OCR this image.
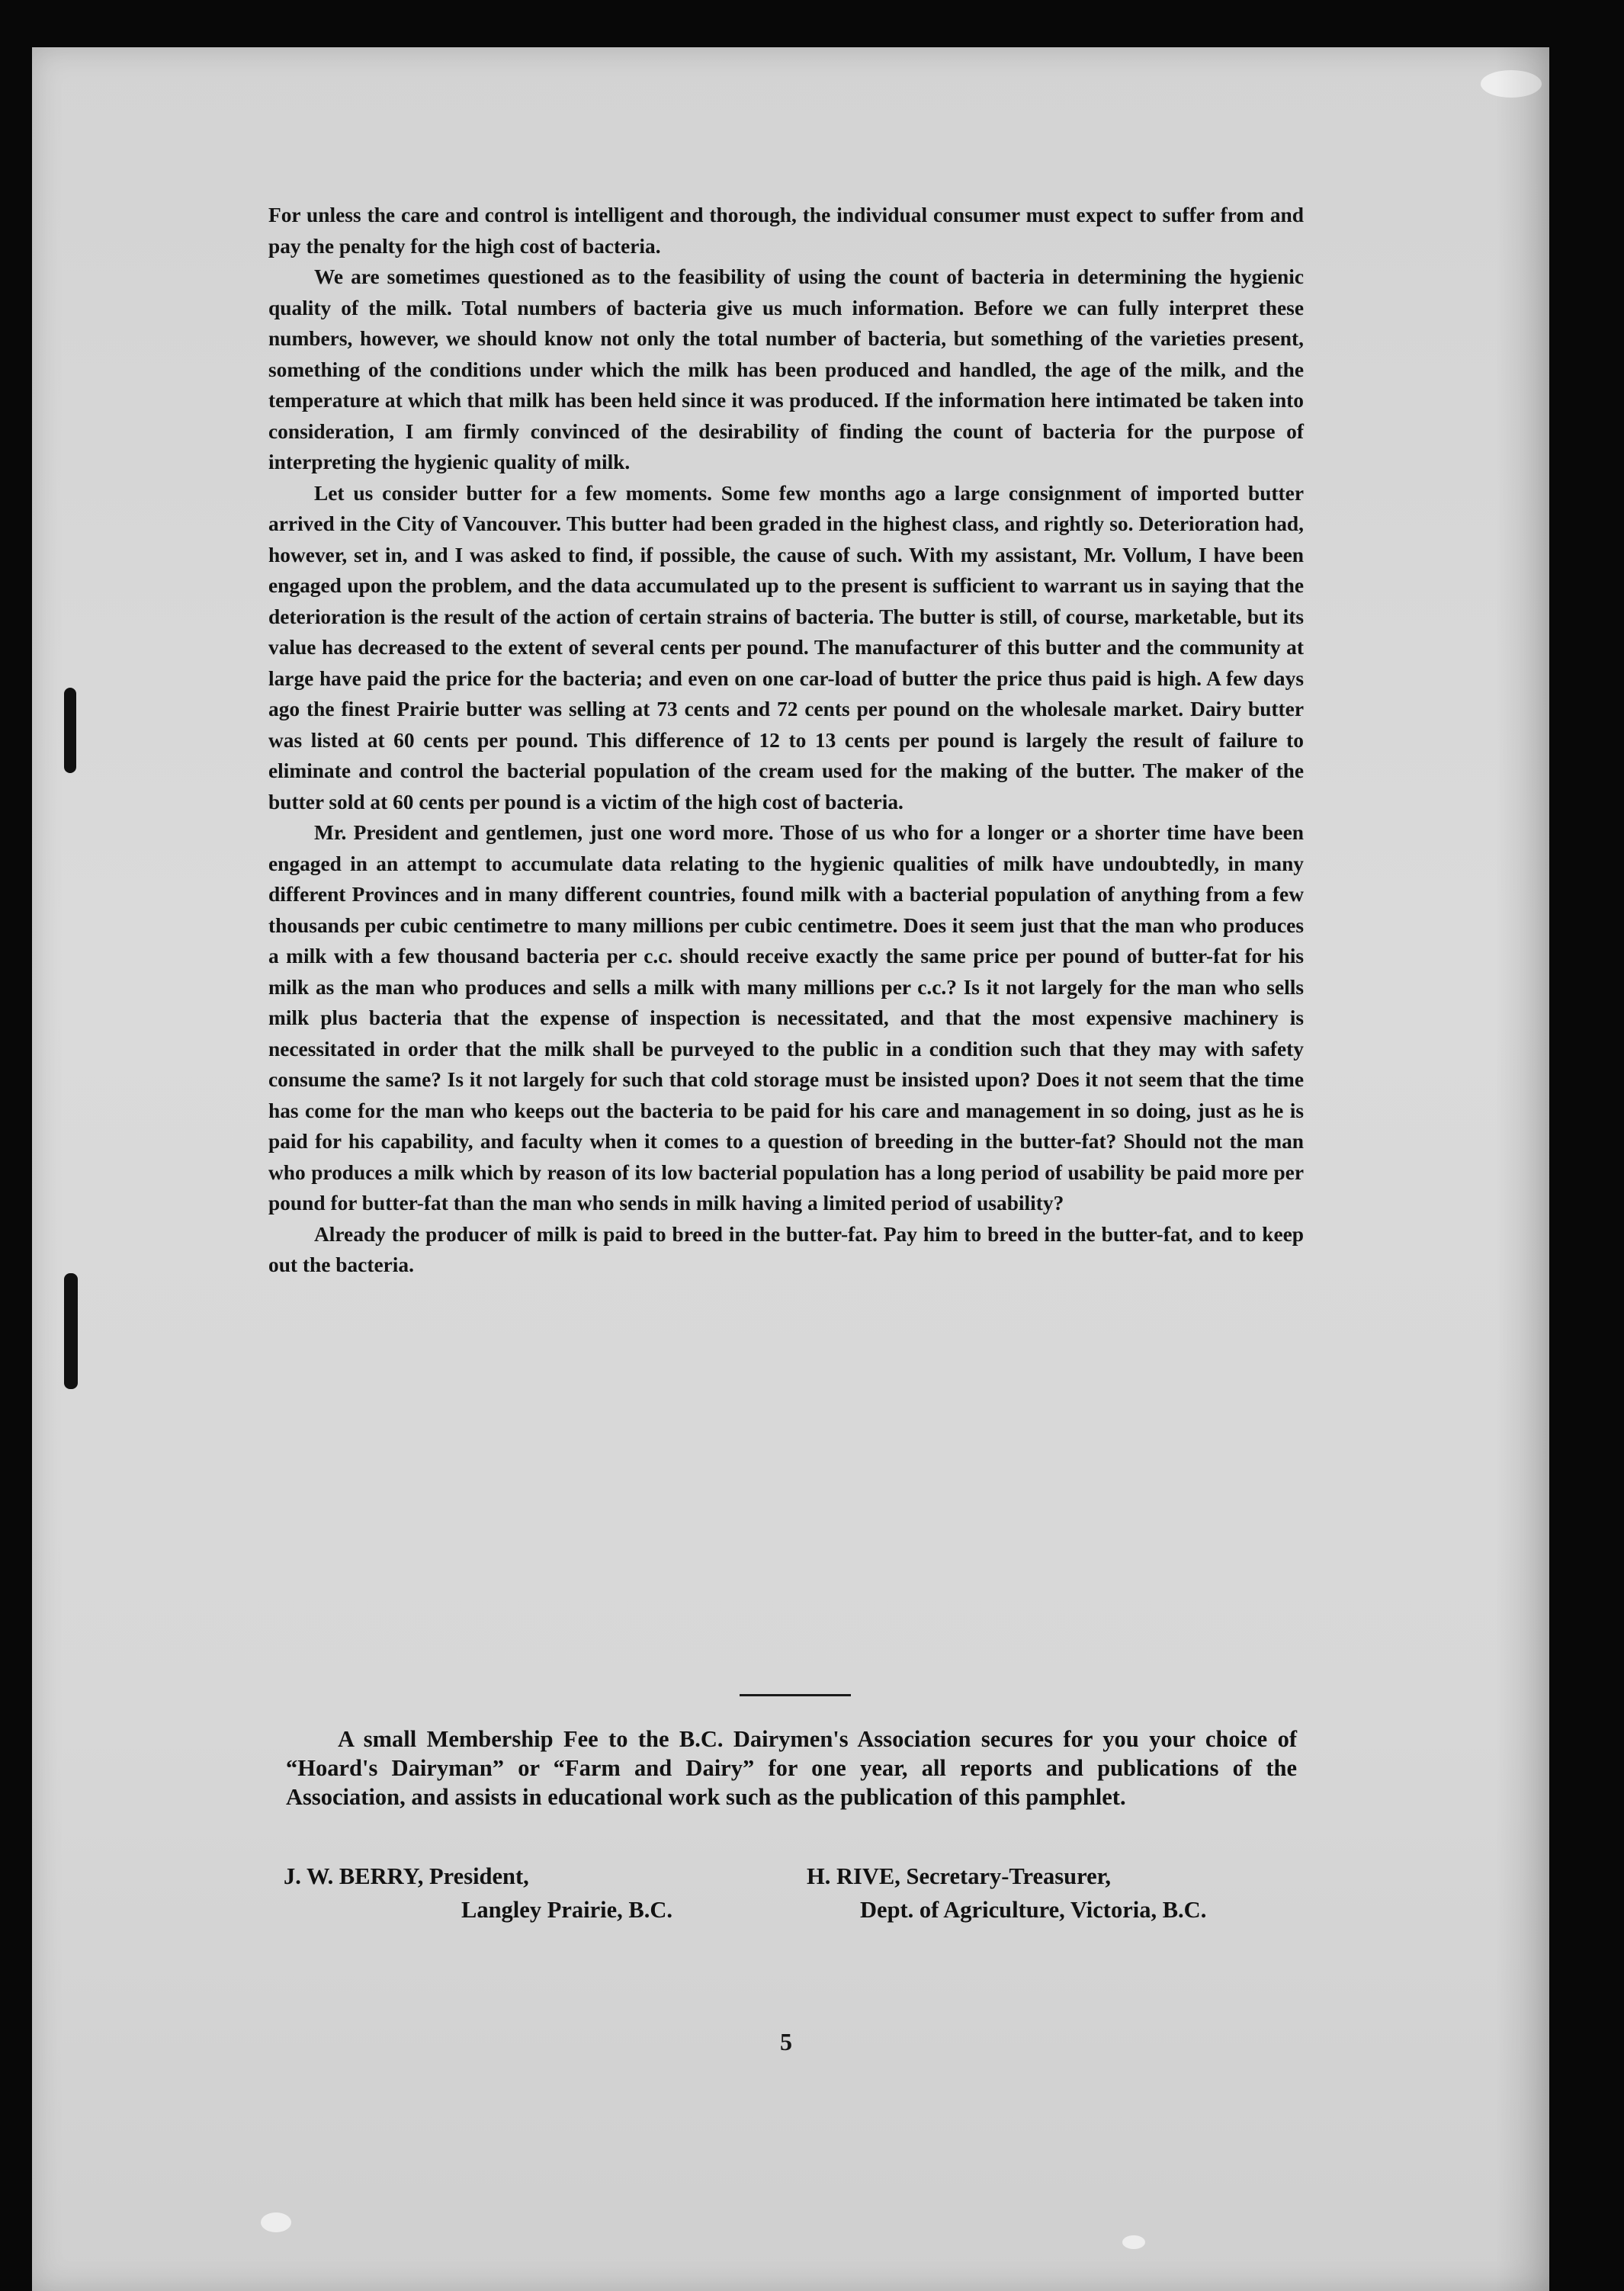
For unless the care and control is intelligent and thorough, the individual consumer must expect to suffer from and pay the penalty for the high cost of bacteria.

We are sometimes questioned as to the feasibility of using the count of bacteria in determining the hygienic quality of the milk. Total numbers of bacteria give us much information. Before we can fully interpret these numbers, however, we should know not only the total number of bacteria, but something of the varieties present, something of the conditions under which the milk has been produced and handled, the age of the milk, and the temperature at which that milk has been held since it was produced. If the information here intimated be taken into consideration, I am firmly convinced of the desirability of finding the count of bacteria for the purpose of interpreting the hygienic quality of milk.

Let us consider butter for a few moments. Some few months ago a large consignment of imported butter arrived in the City of Vancouver. This butter had been graded in the highest class, and rightly so. Deterioration had, however, set in, and I was asked to find, if possible, the cause of such. With my assistant, Mr. Vollum, I have been engaged upon the problem, and the data accumulated up to the present is sufficient to warrant us in saying that the deterioration is the result of the action of certain strains of bacteria. The butter is still, of course, marketable, but its value has decreased to the extent of several cents per pound. The manufacturer of this butter and the community at large have paid the price for the bacteria; and even on one car-load of butter the price thus paid is high. A few days ago the finest Prairie butter was selling at 73 cents and 72 cents per pound on the wholesale market. Dairy butter was listed at 60 cents per pound. This difference of 12 to 13 cents per pound is largely the result of failure to eliminate and control the bacterial population of the cream used for the making of the butter. The maker of the butter sold at 60 cents per pound is a victim of the high cost of bacteria.

Mr. President and gentlemen, just one word more. Those of us who for a longer or a shorter time have been engaged in an attempt to accumulate data relating to the hygienic qualities of milk have undoubtedly, in many different Provinces and in many different countries, found milk with a bacterial population of anything from a few thousands per cubic centimetre to many millions per cubic centimetre. Does it seem just that the man who produces a milk with a few thousand bacteria per c.c. should receive exactly the same price per pound of butter-fat for his milk as the man who produces and sells a milk with many millions per c.c.? Is it not largely for the man who sells milk plus bacteria that the expense of inspection is necessitated, and that the most expensive machinery is necessitated in order that the milk shall be purveyed to the public in a condition such that they may with safety consume the same? Is it not largely for such that cold storage must be insisted upon? Does it not seem that the time has come for the man who keeps out the bacteria to be paid for his care and management in so doing, just as he is paid for his capability, and faculty when it comes to a question of breeding in the butter-fat? Should not the man who produces a milk which by reason of its low bacterial population has a long period of usability be paid more per pound for butter-fat than the man who sends in milk having a limited period of usability?

Already the producer of milk is paid to breed in the butter-fat. Pay him to breed in the butter-fat, and to keep out the bacteria.

A small Membership Fee to the B.C. Dairymen's Association secures for you your choice of “Hoard's Dairyman” or “Farm and Dairy” for one year, all reports and publications of the Association, and assists in educational work such as the publication of this pamphlet.
J. W. BERRY, President,
Langley Prairie, B.C.
H. RIVE, Secretary-Treasurer,
Dept. of Agriculture, Victoria, B.C.
5
